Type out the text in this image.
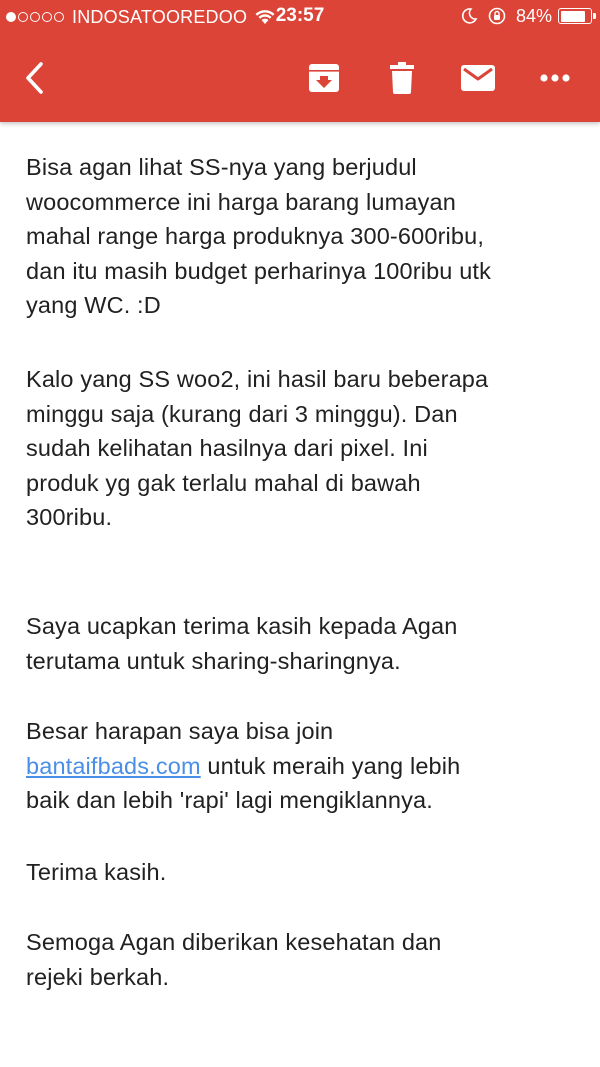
INDOSATOOREDOO	23:57	84%
Bisa agan lihat SS-nya yang berjudul
woocommerce ini harga barang lumayan
mahal range harga produknya 300-600ribu,
dan itu masih budget perharinya 100ribu utk
yang WC. :D
Kalo yang SS woo2, ini hasil baru beberapa
minggu saja (kurang dari 3 minggu). Dan
sudah kelihatan hasilnya dari pixel. Ini
produk yg gak terlalu mahal di bawah
300ribu.
Saya ucapkan terima kasih kepada Agan
terutama untuk sharing-sharingnya.
Besar harapan saya bisa join
bantaifbads.com untuk meraih yang lebih
baik dan lebih 'rapi' lagi mengiklannya.
Terima kasih.
Semoga Agan diberikan kesehatan dan
rejeki berkah.
